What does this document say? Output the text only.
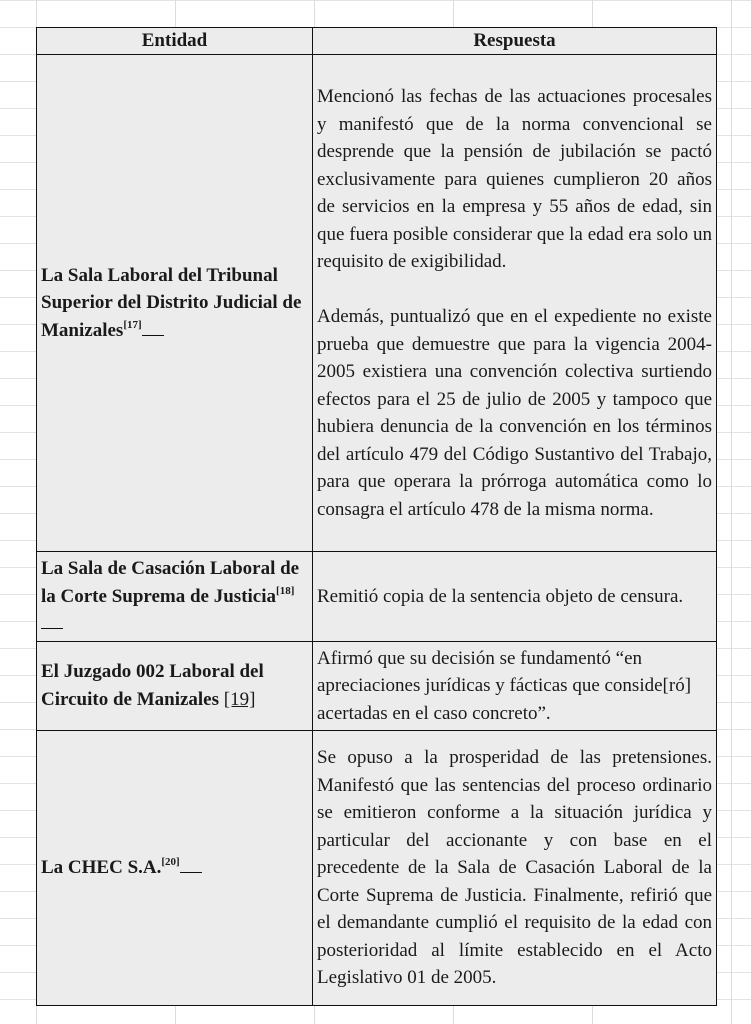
Entidad	Respuesta
La Sala Laboral del Tribunal Superior del Distrito Judicial de Manizales[17]	Mencionó las fechas de las actuaciones procesales y manifestó que de la norma convencional se desprende que la pensión de jubilación se pactó exclusivamente para quienes cumplieron 20 años de servicios en la empresa y 55 años de edad, sin que fuera posible considerar que la edad era solo un requisito de exigibilidad.

Además, puntualizó que en el expediente no existe prueba que demuestre que para la vigencia 2004-2005 existiera una convención colectiva surtiendo efectos para el 25 de julio de 2005 y tampoco que hubiera denuncia de la convención en los términos del artículo 479 del Código Sustantivo del Trabajo, para que operara la prórroga automática como lo consagra el artículo 478 de la misma norma.

La Sala de Casación Laboral de la Corte Suprema de Justicia[18]	Remitió copia de la sentencia objeto de censura.

El Juzgado 002 Laboral del Circuito de Manizales [19]	Afirmó que su decisión se fundamentó “en apreciaciones jurídicas y fácticas que conside[ró] acertadas en el caso concreto”.

La CHEC S.A.[20]	Se opuso a la prosperidad de las pretensiones. Manifestó que las sentencias del proceso ordinario se emitieron conforme a la situación jurídica y particular del accionante y con base en el precedente de la Sala de Casación Laboral de la Corte Suprema de Justicia. Finalmente, refirió que el demandante cumplió el requisito de la edad con posterioridad al límite establecido en el Acto Legislativo 01 de 2005.
